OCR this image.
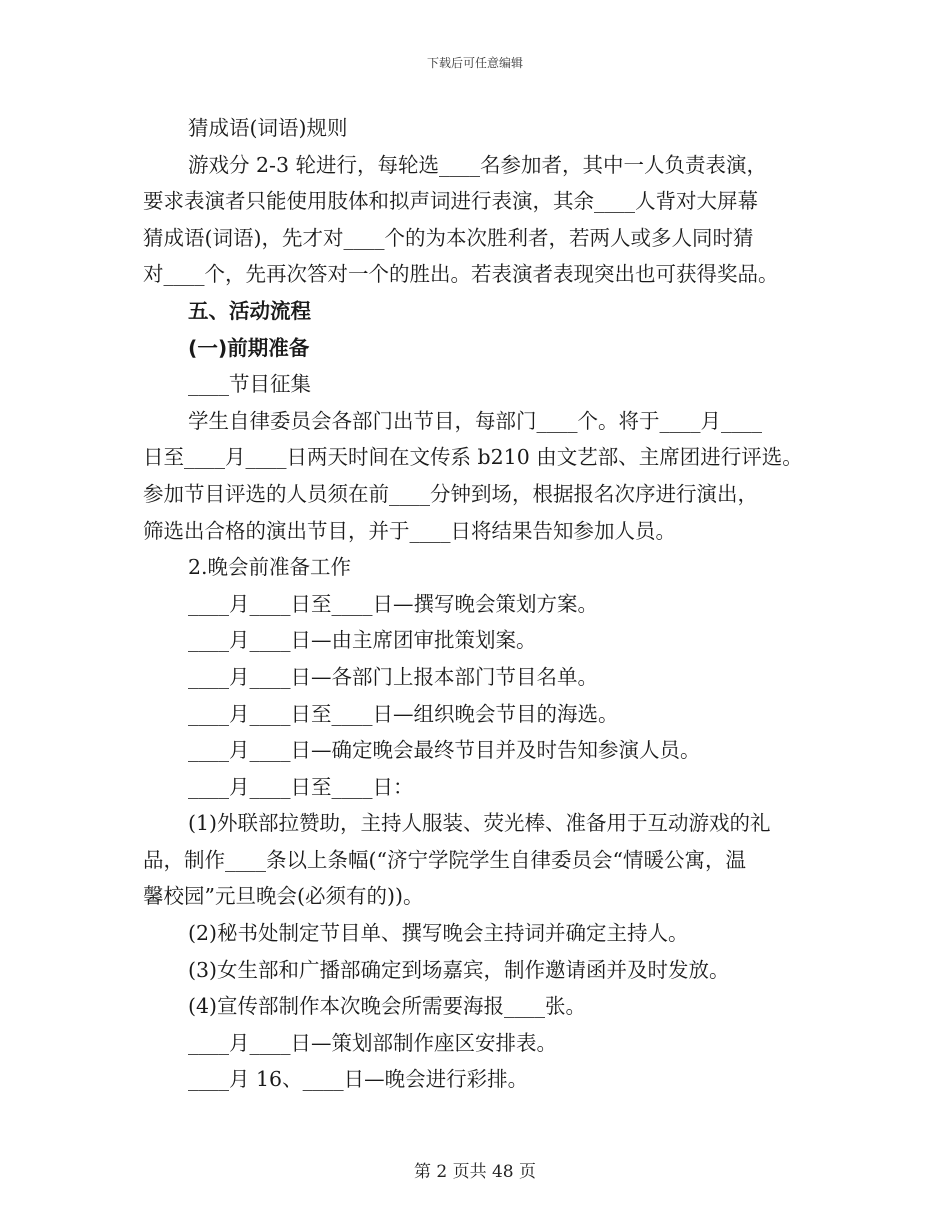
下载后可任意编辑

猜成语(词语)规则

游戏分 2-3 轮进行，每轮选____名参加者，其中一人负责表演，

要求表演者只能使用肢体和拟声词进行表演，其余____人背对大屏幕

猜成语(词语)，先才对____个的为本次胜利者，若两人或多人同时猜

对____个，先再次答对一个的胜出。若表演者表现突出也可获得奖品。

五、活动流程

(一)前期准备

____节目征集

学生自律委员会各部门出节目，每部门____个。将于____月____

日至____月____日两天时间在文传系 b210 由文艺部、主席团进行评选。

参加节目评选的人员须在前____分钟到场，根据报名次序进行演出，

筛选出合格的演出节目，并于____日将结果告知参加人员。

2.晚会前准备工作

____月____日至____日—撰写晚会策划方案。

____月____日—由主席团审批策划案。

____月____日—各部门上报本部门节目名单。

____月____日至____日—组织晚会节目的海选。

____月____日—确定晚会最终节目并及时告知参演人员。

____月____日至____日：

(1)外联部拉赞助，主持人服装、荧光棒、准备用于互动游戏的礼

品，制作____条以上条幅(“济宁学院学生自律委员会“情暖公寓，温

馨校园”元旦晚会(必须有的))。

(2)秘书处制定节目单、撰写晚会主持词并确定主持人。

(3)女生部和广播部确定到场嘉宾，制作邀请函并及时发放。

(4)宣传部制作本次晚会所需要海报____张。

____月____日—策划部制作座区安排表。

____月 16、____日—晚会进行彩排。

第 2 页共 48 页
